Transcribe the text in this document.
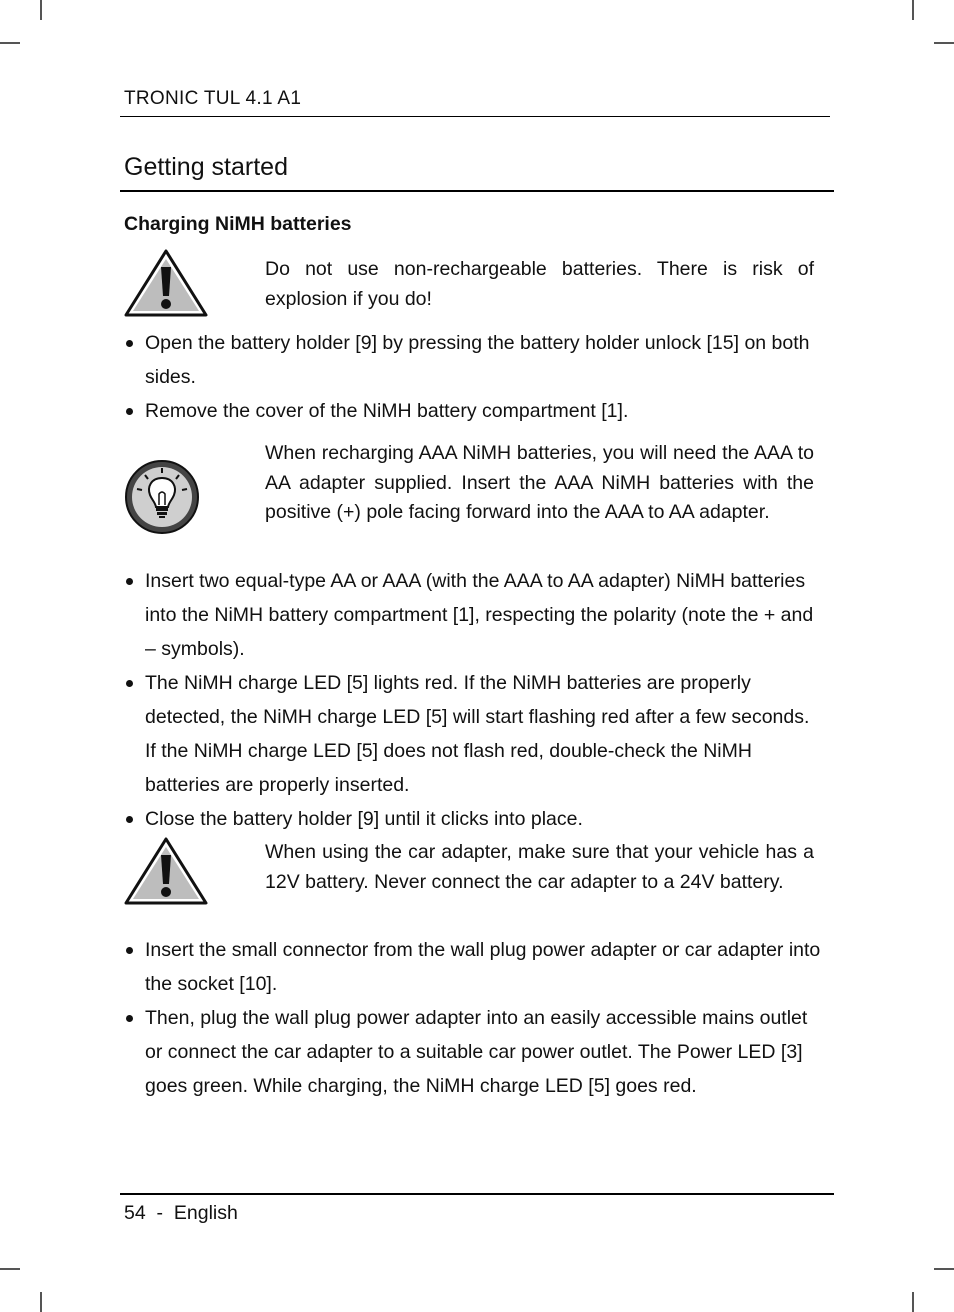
TRONIC TUL 4.1 A1
Getting started
Charging NiMH batteries
Do not use non-rechargeable batteries. There is risk of explosion if you do!
Open the battery holder [9] by pressing the battery holder unlock [15] on both sides.
Remove the cover of the NiMH battery compartment [1].
When recharging AAA NiMH batteries, you will need the AAA to AA adapter supplied. Insert the AAA NiMH batteries with the positive (+) pole facing forward into the AAA to AA adapter.
Insert two equal-type AA or AAA (with the AAA to AA adapter) NiMH batteries into the NiMH battery compartment [1], respecting the polarity (note the + and – symbols).
The NiMH charge LED [5] lights red. If the NiMH batteries are properly detected, the NiMH charge LED [5] will start flashing red after a few seconds. If the NiMH charge LED [5] does not flash red, double-check the NiMH batteries are properly inserted.
Close the battery holder [9] until it clicks into place.
When using the car adapter, make sure that your vehicle has a 12V battery. Never connect the car adapter to a 24V battery.
Insert the small connector from the wall plug power adapter or car adapter into the socket [10].
Then, plug the wall plug power adapter into an easily accessible mains outlet or connect the car adapter to a suitable car power outlet. The Power LED [3] goes green. While charging, the NiMH charge LED [5] goes red.
54 - English
